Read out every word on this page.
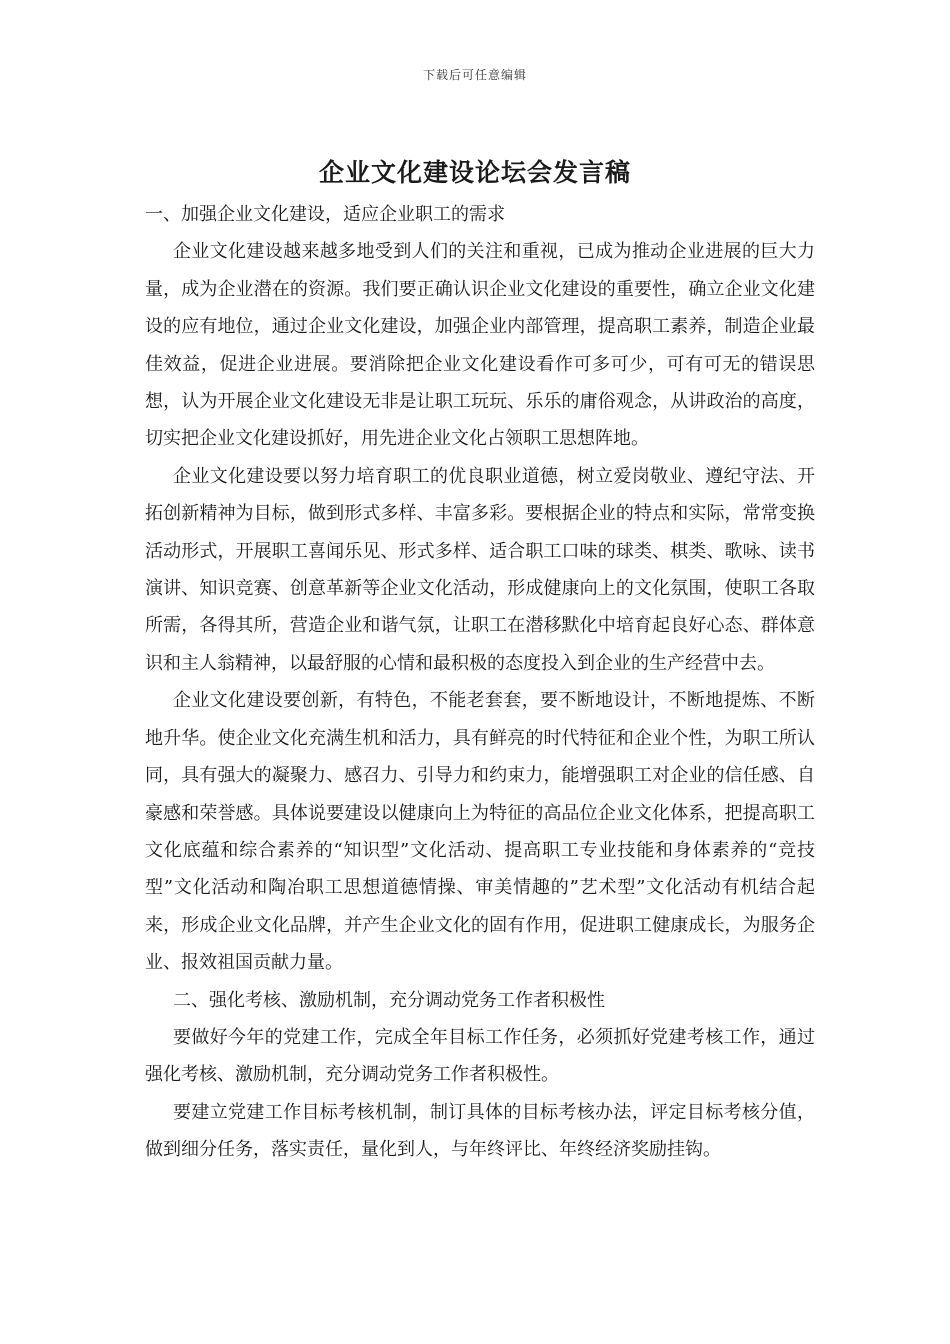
下载后可任意编辑
企业文化建设论坛会发言稿

一、加强企业文化建设，适应企业职工的需求

企业文化建设越来越多地受到人们的关注和重视，已成为推动企业进展的巨大力量，成为企业潜在的资源。我们要正确认识企业文化建设的重要性，确立企业文化建设的应有地位，通过企业文化建设，加强企业内部管理，提高职工素养，制造企业最佳效益，促进企业进展。要消除把企业文化建设看作可多可少，可有可无的错误思想，认为开展企业文化建设无非是让职工玩玩、乐乐的庸俗观念，从讲政治的高度，切实把企业文化建设抓好，用先进企业文化占领职工思想阵地。

企业文化建设要以努力培育职工的优良职业道德，树立爱岗敬业、遵纪守法、开拓创新精神为目标，做到形式多样、丰富多彩。要根据企业的特点和实际，常常变换活动形式，开展职工喜闻乐见、形式多样、适合职工口味的球类、棋类、歌咏、读书演讲、知识竞赛、创意革新等企业文化活动，形成健康向上的文化氛围，使职工各取所需，各得其所，营造企业和谐气氛，让职工在潜移默化中培育起良好心态、群体意识和主人翁精神，以最舒服的心情和最积极的态度投入到企业的生产经营中去。

企业文化建设要创新，有特色，不能老套套，要不断地设计，不断地提炼、不断地升华。使企业文化充满生机和活力，具有鲜亮的时代特征和企业个性，为职工所认同，具有强大的凝聚力、感召力、引导力和约束力，能增强职工对企业的信任感、自豪感和荣誉感。具体说要建设以健康向上为特征的高品位企业文化体系，把提高职工文化底蕴和综合素养的“知识型”文化活动、提高职工专业技能和身体素养的“竞技型”文化活动和陶冶职工思想道德情操、审美情趣的”艺术型”文化活动有机结合起来，形成企业文化品牌，并产生企业文化的固有作用，促进职工健康成长，为服务企业、报效祖国贡献力量。

二、强化考核、激励机制，充分调动党务工作者积极性

要做好今年的党建工作，完成全年目标工作任务，必须抓好党建考核工作，通过强化考核、激励机制，充分调动党务工作者积极性。

要建立党建工作目标考核机制，制订具体的目标考核办法，评定目标考核分值，做到细分任务，落实责任，量化到人，与年终评比、年终经济奖励挂钩。
